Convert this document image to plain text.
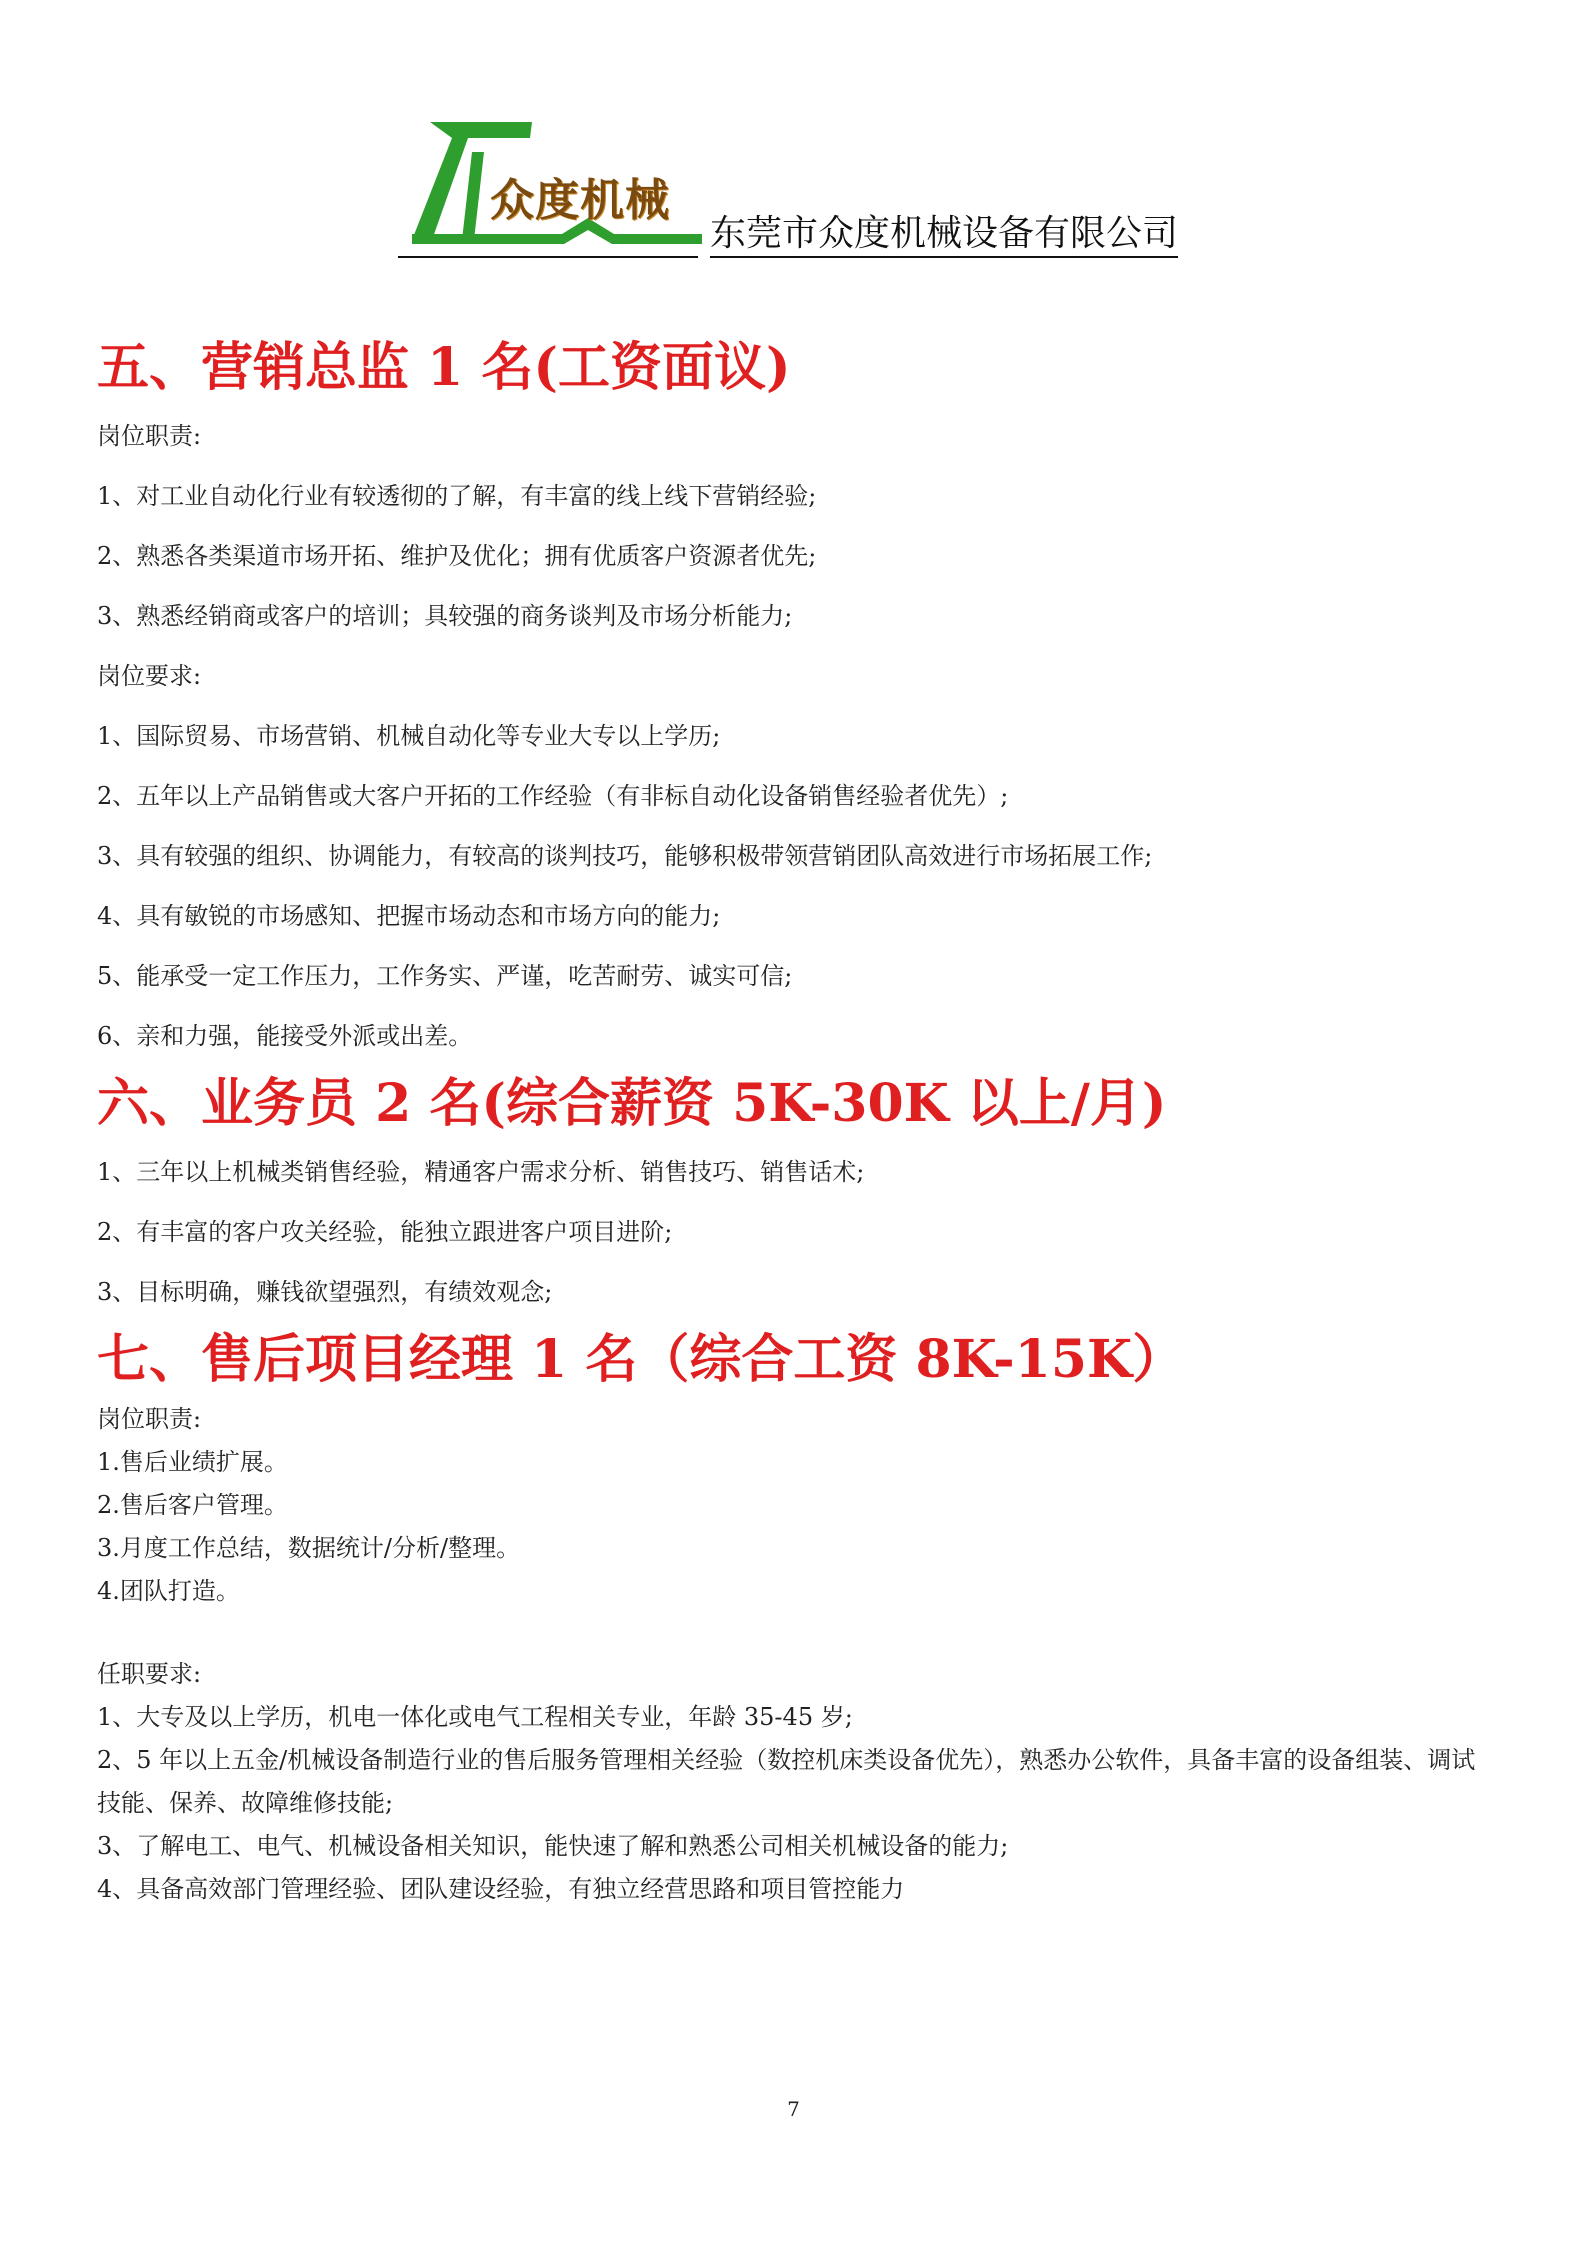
众度机械
东莞市众度机械设备有限公司
五、营销总监 1 名(工资面议)

岗位职责:

1、对工业自动化行业有较透彻的了解，有丰富的线上线下营销经验;

2、熟悉各类渠道市场开拓、维护及优化；拥有优质客户资源者优先;

3、熟悉经销商或客户的培训；具较强的商务谈判及市场分析能力;

岗位要求:

1、国际贸易、市场营销、机械自动化等专业大专以上学历;

2、五年以上产品销售或大客户开拓的工作经验（有非标自动化设备销售经验者优先）;

3、具有较强的组织、协调能力，有较高的谈判技巧，能够积极带领营销团队高效进行市场拓展工作;

4、具有敏锐的市场感知、把握市场动态和市场方向的能力;

5、能承受一定工作压力，工作务实、严谨，吃苦耐劳、诚实可信;

6、亲和力强，能接受外派或出差。

六、业务员 2 名(综合薪资 5K-30K 以上/月)

1、三年以上机械类销售经验，精通客户需求分析、销售技巧、销售话术;

2、有丰富的客户攻关经验，能独立跟进客户项目进阶;

3、目标明确，赚钱欲望强烈，有绩效观念;

七、售后项目经理 1 名（综合工资 8K-15K）

岗位职责:

1.售后业绩扩展。

2.售后客户管理。

3.月度工作总结，数据统计/分析/整理。

4.团队打造。

任职要求:

1、大专及以上学历，机电一体化或电气工程相关专业，年龄 35-45 岁;

2、5 年以上五金/机械设备制造行业的售后服务管理相关经验（数控机床类设备优先），熟悉办公软件，具备丰富的设备组装、调试技能、保养、故障维修技能;

3、了解电工、电气、机械设备相关知识，能快速了解和熟悉公司相关机械设备的能力;

4、具备高效部门管理经验、团队建设经验，有独立经营思路和项目管控能力

7
